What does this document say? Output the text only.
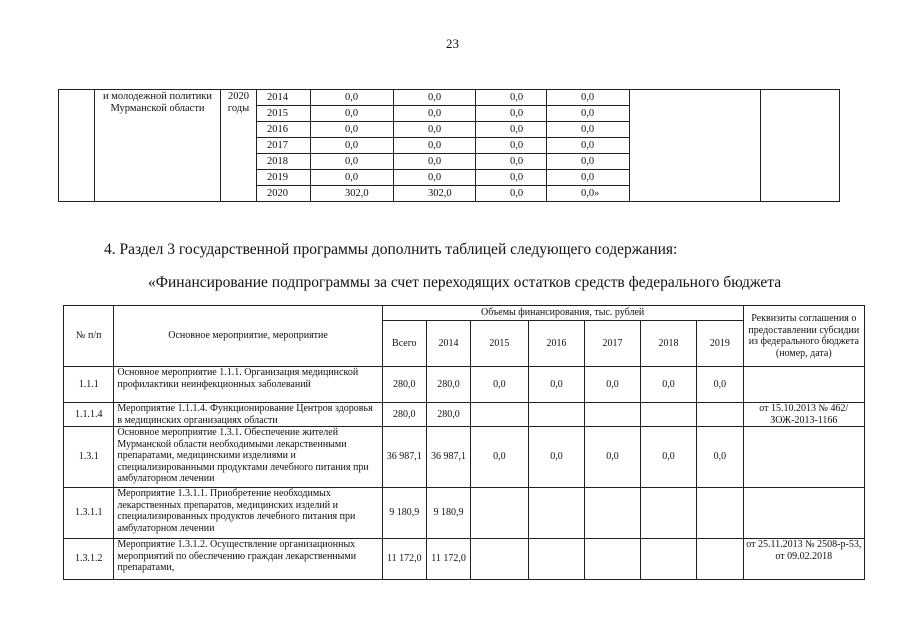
23
	и молодежной политики Мурманской области	2020 годы	2014	0,0	0,0	0,0	0,0		
			2015	0,0	0,0	0,0	0,0		
			2016	0,0	0,0	0,0	0,0		
			2017	0,0	0,0	0,0	0,0		
			2018	0,0	0,0	0,0	0,0		
			2019	0,0	0,0	0,0	0,0		
			2020	302,0	302,0	0,0	0,0»		
4. Раздел 3 государственной программы дополнить таблицей следующего содержания:
«Финансирование подпрограммы за счет переходящих остатков средств федерального бюджета
№ п/п	Основное мероприятие, мероприятие	Объемы финансирования, тыс. рублей							Реквизиты соглашения о предоставлении субсидии из федерального бюджета (номер, дата)
		Всего	2014	2015	2016	2017	2018	2019	
1.1.1	Основное мероприятие 1.1.1. Организация медицинской профилактики неинфекционных заболеваний	280,0	280,0	0,0	0,0	0,0	0,0	0,0	
1.1.1.4	Мероприятие 1.1.1.4. Функционирование Центров здоровья в медицинских организациях области	280,0	280,0						от 15.10.2013 № 462/ЗОЖ-2013-1166
1.3.1	Основное мероприятие 1.3.1. Обеспечение жителей Мурманской области необходимыми лекарственными препаратами, медицинскими изделиями и специализированными продуктами лечебного питания при амбулаторном лечении	36 987,1	36 987,1	0,0	0,0	0,0	0,0	0,0	
1.3.1.1	Мероприятие 1.3.1.1. Приобретение необходимых лекарственных препаратов, медицинских изделий и специализированных продуктов лечебного питания при амбулаторном лечении	9 180,9	9 180,9						
1.3.1.2	Мероприятие 1.3.1.2. Осуществление организационных мероприятий по обеспечению граждан лекарственными препаратами,	11 172,0	11 172,0						от 25.11.2013 № 2508-р-53, от 09.02.2018
